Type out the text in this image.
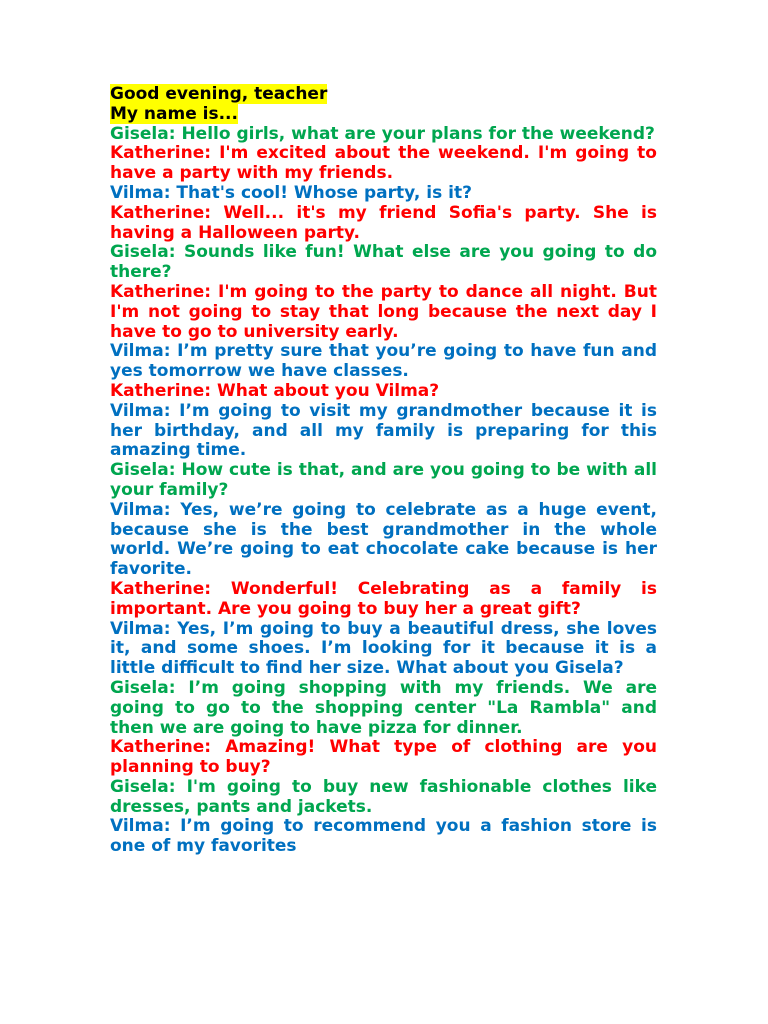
Good evening, teacher

My name is...

Gisela: Hello girls, what are your plans for the weekend?

Katherine: I'm excited about the weekend. I'm going to have a party with my friends.

Vilma: That's cool! Whose party, is it?

Katherine: Well... it's my friend Sofia's party. She is having a Halloween party.

Gisela: Sounds like fun! What else are you going to do there?

Katherine: I'm going to the party to dance all night. But I'm not going to stay that long because the next day I have to go to university early.

Vilma: I’m pretty sure that you’re going to have fun and yes tomorrow we have classes.

Katherine: What about you Vilma?

Vilma: I’m going to visit my grandmother because it is her birthday, and all my family is preparing for this amazing time.

Gisela: How cute is that, and are you going to be with all your family?

Vilma: Yes, we’re going to celebrate as a huge event, because she is the best grandmother in the whole world. We’re going to eat chocolate cake because is her favorite.

Katherine: Wonderful! Celebrating as a family is important. Are you going to buy her a great gift?

Vilma: Yes, I’m going to buy a beautiful dress, she loves it, and some shoes. I’m looking for it because it is a little difficult to find her size. What about you Gisela?

Gisela: I’m going shopping with my friends. We are going to go to the shopping center "La Rambla" and then we are going to have pizza for dinner.

Katherine: Amazing! What type of clothing are you planning to buy?

Gisela: I'm going to buy new fashionable clothes like dresses, pants and jackets.

Vilma: I’m going to recommend you a fashion store is one of my favorites
